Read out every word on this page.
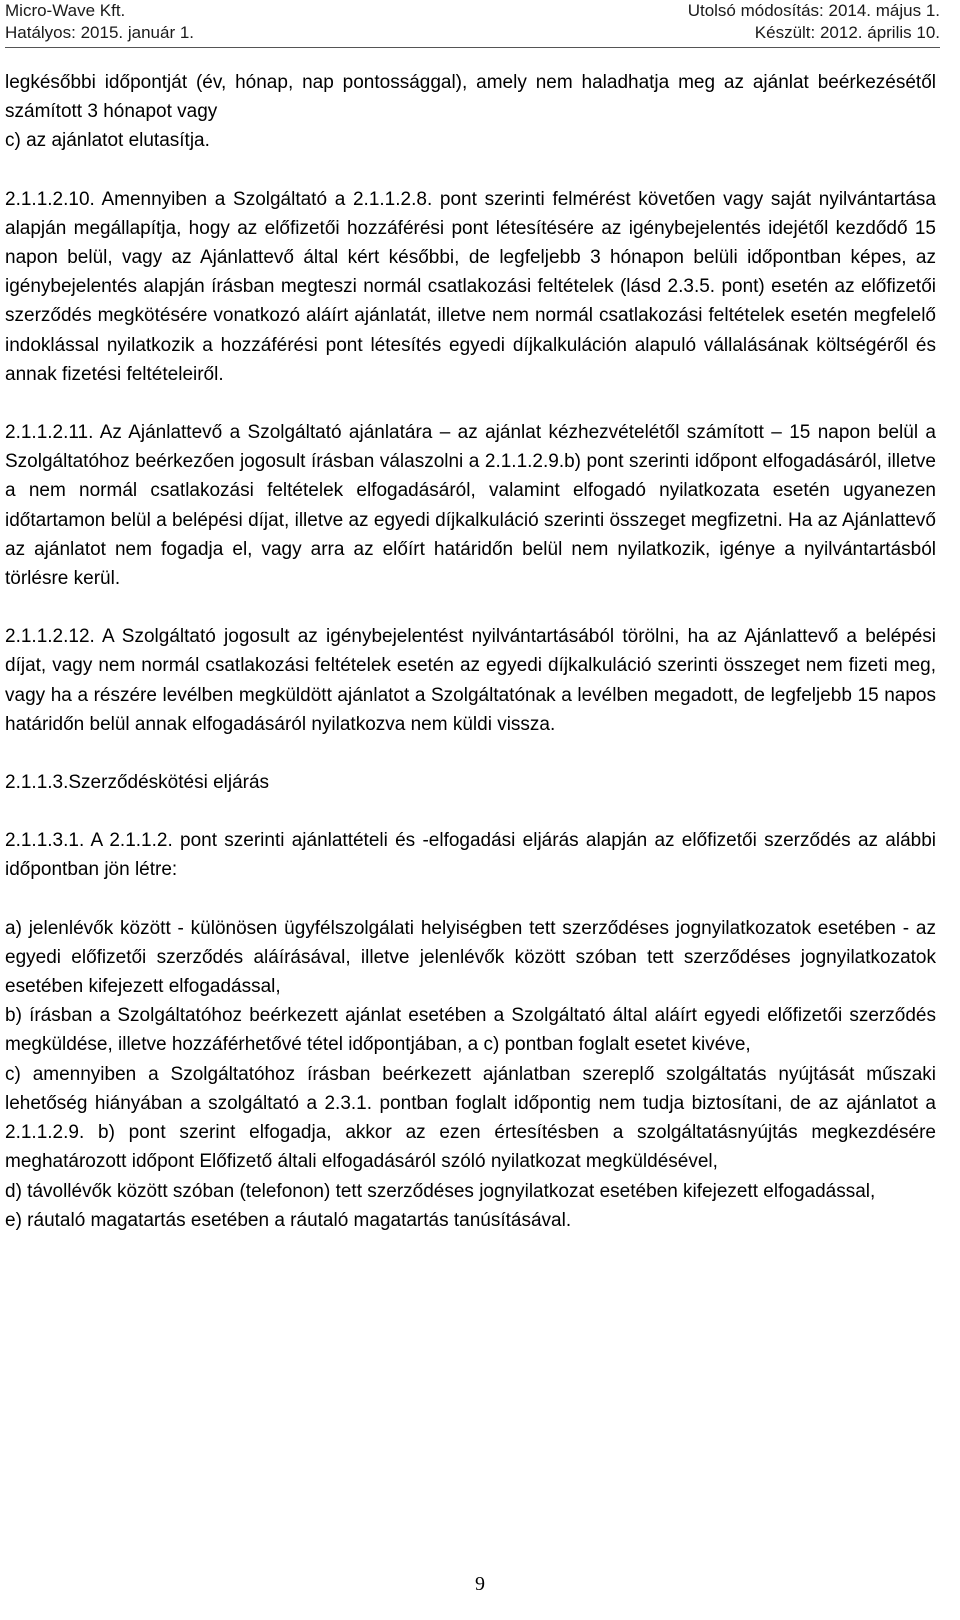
Micro-Wave Kft.	Utolsó módosítás: 2014. május 1.
Hatályos: 2015. január 1.	Készült: 2012. április 10.

legkésőbbi időpontját (év, hónap, nap pontossággal), amely nem haladhatja meg az ajánlat beérkezésétől számított 3 hónapot vagy

c) az ajánlatot elutasítja.

2.1.1.2.10. Amennyiben a Szolgáltató a 2.1.1.2.8. pont szerinti felmérést követően vagy saját nyilvántartása alapján megállapítja, hogy az előfizetői hozzáférési pont létesítésére az igénybejelentés idejétől kezdődő 15 napon belül, vagy az Ajánlattevő által kért későbbi, de legfeljebb 3 hónapon belüli időpontban képes, az igénybejelentés alapján írásban megteszi normál csatlakozási feltételek (lásd 2.3.5. pont) esetén az előfizetői szerződés megkötésére vonatkozó aláírt ajánlatát, illetve nem normál csatlakozási feltételek esetén megfelelő indoklással nyilatkozik a hozzáférési pont létesítés egyedi díjkalkuláción alapuló vállalásának költségéről és annak fizetési feltételeiről.

2.1.1.2.11. Az Ajánlattevő a Szolgáltató ajánlatára – az ajánlat kézhezvételétől számított – 15 napon belül a Szolgáltatóhoz beérkezően jogosult írásban válaszolni a 2.1.1.2.9.b) pont szerinti időpont elfogadásáról, illetve a nem normál csatlakozási feltételek elfogadásáról, valamint elfogadó nyilatkozata esetén ugyanezen időtartamon belül a belépési díjat, illetve az egyedi díjkalkuláció szerinti összeget megfizetni. Ha az Ajánlattevő az ajánlatot nem fogadja el, vagy arra az előírt határidőn belül nem nyilatkozik, igénye a nyilvántartásból törlésre kerül.

2.1.1.2.12. A Szolgáltató jogosult az igénybejelentést nyilvántartásából törölni, ha az Ajánlattevő a belépési díjat, vagy nem normál csatlakozási feltételek esetén az egyedi díjkalkuláció szerinti összeget nem fizeti meg, vagy ha a részére levélben megküldött ajánlatot a Szolgáltatónak a levélben megadott, de legfeljebb 15 napos határidőn belül annak elfogadásáról nyilatkozva nem küldi vissza.

2.1.1.3.Szerződéskötési eljárás

2.1.1.3.1. A 2.1.1.2. pont szerinti ajánlattételi és -elfogadási eljárás alapján az előfizetői szerződés az alábbi időpontban jön létre:

a) jelenlévők között - különösen ügyfélszolgálati helyiségben tett szerződéses jognyilatkozatok esetében - az egyedi előfizetői szerződés aláírásával, illetve jelenlévők között szóban tett szerződéses jognyilatkozatok esetében kifejezett elfogadással,

b) írásban a Szolgáltatóhoz beérkezett ajánlat esetében a Szolgáltató által aláírt egyedi előfizetői szerződés megküldése, illetve hozzáférhetővé tétel időpontjában, a c) pontban foglalt esetet kivéve,

c) amennyiben a Szolgáltatóhoz írásban beérkezett ajánlatban szereplő szolgáltatás nyújtását műszaki lehetőség hiányában a szolgáltató a 2.3.1. pontban foglalt időpontig nem tudja biztosítani, de az ajánlatot a 2.1.1.2.9. b) pont szerint elfogadja, akkor az ezen értesítésben a szolgáltatásnyújtás megkezdésére meghatározott időpont Előfizető általi elfogadásáról szóló nyilatkozat megküldésével,

d) távollévők között szóban (telefonon) tett szerződéses jognyilatkozat esetében kifejezett elfogadással,

e) ráutaló magatartás esetében a ráutaló magatartás tanúsításával.

9
